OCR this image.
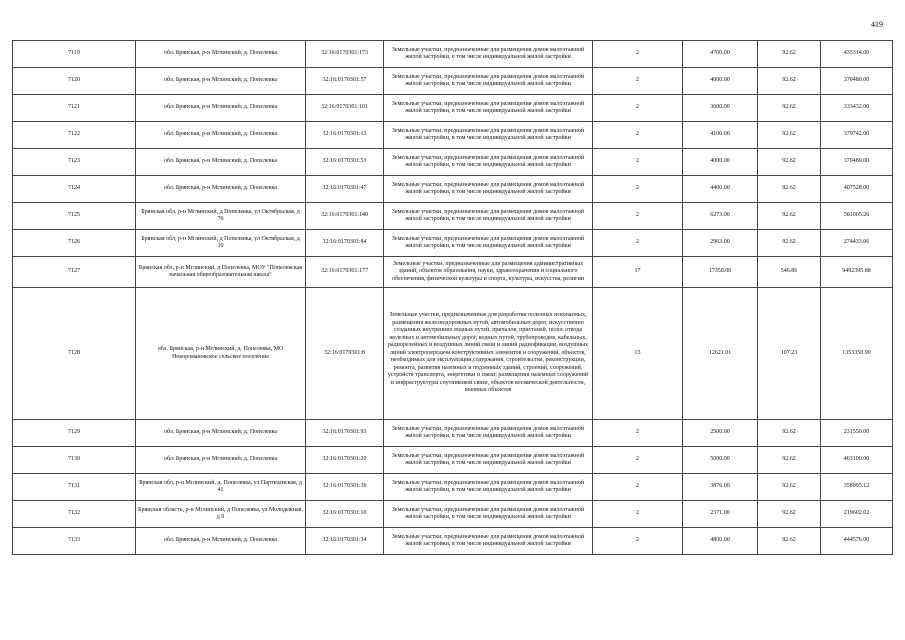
419
7119	обл. Брянская, р-н Мглинский, д. Попелевка	32:16:0170301:173	Земельные участки, предназначенные для размещения домов малоэтажной жилой застройки, в том числе индивидуальной жилой застройки	2	4700.00	92.62	435314.00
7120	обл. Брянская, р-н Мглинский, д. Попелевка	32:16:0170301:57	Земельные участки, предназначенные для размещения домов малоэтажной жилой застройки, в том числе индивидуальной жилой застройки	2	4000.00	92.62	370480.00
7121	обл. Брянская, р-н Мглинский, д. Попелевка	32:16:0170301:101	Земельные участки, предназначенные для размещения домов малоэтажной жилой застройки, в том числе индивидуальной жилой застройки	2	3600.00	92.62	333432.00
7122	обл. Брянская, р-н Мглинский, д. Попелевка	32:16:0170301:13	Земельные участки, предназначенные для размещения домов малоэтажной жилой застройки, в том числе индивидуальной жилой застройки	2	4100.00	92.62	379742.00
7123	обл. Брянская, р-н Мглинский, д. Попелевка	32:16:0170301:53	Земельные участки, предназначенные для размещения домов малоэтажной жилой застройки, в том числе индивидуальной жилой застройки	2	4000.00	92.62	370480.00
7124	обл. Брянская, р-н Мглинский, д. Попелевка	32:16:0170301:47	Земельные участки, предназначенные для размещения домов малоэтажной жилой застройки, в том числе индивидуальной жилой застройки	2	4400.00	92.62	407528.00
7125	Брянская обл, р-н Мглинский, д Попелевка, ул Октябрьская, д 76	32:16:0170301:140	Земельные участки, предназначенные для размещения домов малоэтажной жилой застройки, в том числе индивидуальной жилой застройки	2	6273.00	92.62	581005.26
7126	Брянская обл, р-н Мглинский, д Попелевка, ул Октябрьская, д 10	32:16:0170301:84	Земельные участки, предназначенные для размещения домов малоэтажной жилой застройки, в том числе индивидуальной жилой застройки	2	2963.00	92.62	274433.06
7127	Брянская обл, р-н Мглинский, д Попелевка, МОУ "Попелевская начальная общеобразовательная школа"	32:16:0170301:177	Земельные участки, предназначенные для размещения административных зданий, объектов образования, науки, здравоохранения и социального обеспечения, физической культуры и спорта, культуры, искусства, религии	17	17358.00	546.86	9492395.88
7128	обл. Брянская, р-н Мглинский, д. Попелевка, МО Новоромановское сельское поселение	32:16:0170301:8	Земельные участки, предназначенные для разработки полезных ископаемых, размещения железнодорожных путей, автомобильных дорог, искусственно созданных внутренних водных путей, причалов, пристаней, полос отвода железных и автомобильных дорог, водных путей, трубопроводов, кабельных, радиорелейных и воздушных линий связи и линий радиофикации, воздушных линий электропередачи конструктивных элементов и сооружений, объектов, необходимых для эксплуатации,содержания, строительства, реконструкции, ремонта, развития наземных и подземных зданий, строений, сооружений, устройств транспорта, энергетики и связи; размещения наземных сооружений и инфраструктуры спутниковой связи, объектов космической деятельности, военных объектов	13	12621.01	107.23	1353350.90
7129	обл. Брянская, р-н Мглинский, д. Попелевка	32:16:0170301:93	Земельные участки, предназначенные для размещения домов малоэтажной жилой застройки, в том числе индивидуальной жилой застройки	2	2500.00	92.62	231550.00
7130	обл. Брянская, р-н Мглинский, д. Попелевка	32:16:0170301:20	Земельные участки, предназначенные для размещения домов малоэтажной жилой застройки, в том числе индивидуальной жилой застройки	2	5000.00	92.62	463100.00
7131	Брянская обл, р-н Мглинский, д. Попелевка, ул Партизанская, д 41	32:16:0170301:36	Земельные участки, предназначенные для размещения домов малоэтажной жилой застройки, в том числе индивидуальной жилой застройки	2	3876.00	92.62	358995.12
7132	Брянская область, р-н Мглинский, д Попелевка, ул Молодежная, д 9	32:16:0170301:10	Земельные участки, предназначенные для размещения домов малоэтажной жилой застройки, в том числе индивидуальной жилой застройки	2	2371.00	92.62	219602.02
7133	обл. Брянская, р-н Мглинский, д. Попелевка	32:16:0170301:34	Земельные участки, предназначенные для размещения домов малоэтажной жилой застройки, в том числе индивидуальной жилой застройки	2	4800.00	92.62	444576.00
